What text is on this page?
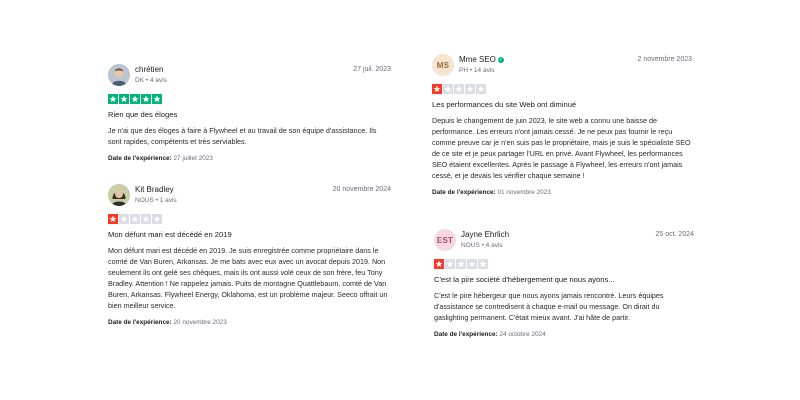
chrétien
DK • 4 avis
27 juil. 2023
Rien que des éloges
Je n'ai que des éloges à faire à Flywheel et au travail de son équipe d'assistance. Ils sont rapides, compétents et très serviables.
Date de l'expérience: 27 juillet 2023
Kit Bradley
NOUS • 1 avis
20 novembre 2024
Mon défunt mari est décédé en 2019
Mon défunt mari est décédé en 2019. Je suis enregistrée comme propriétaire dans le comté de Van Buren, Arkansas. Je me bats avec eux avec un avocat depuis 2019. Non seulement ils ont gelé ses chèques, mais ils ont aussi volé ceux de son frère, feu Tony Bradley. Attention ! Ne rappelez jamais. Puits de montagne Quattlebaum, comté de Van Buren, Arkansas. Flywheel Energy, Oklahoma, est un problème majeur. Seeco offrait un bien meilleur service.
Date de l'expérience: 20 novembre 2023
MS
Mme SEO ✓
PH • 14 avis
2 novembre 2023
Les performances du site Web ont diminué
Depuis le changement de juin 2023, le site web a connu une baisse de performance. Les erreurs n'ont jamais cessé. Je ne peux pas fournir le reçu comme preuve car je n'en suis pas le propriétaire, mais je suis le spécialiste SEO de ce site et je peux partager l'URL en privé. Avant Flywheel, les performances SEO étaient excellentes. Après le passage à Flywheel, les erreurs n'ont jamais cessé, et je devais les vérifier chaque semaine !
Date de l'expérience: 01 novembre 2023
EST
Jayne Ehrlich
NOUS • 4 avis
25 oct. 2024
C'est la pire société d'hébergement que nous ayons...
C'est le pire hébergeur que nous ayons jamais rencontré. Leurs équipes d'assistance se contredisent à chaque e-mail ou message. On dirait du gaslighting permanent. C'était mieux avant. J'ai hâte de partir.
Date de l'expérience: 24 octobre 2024
